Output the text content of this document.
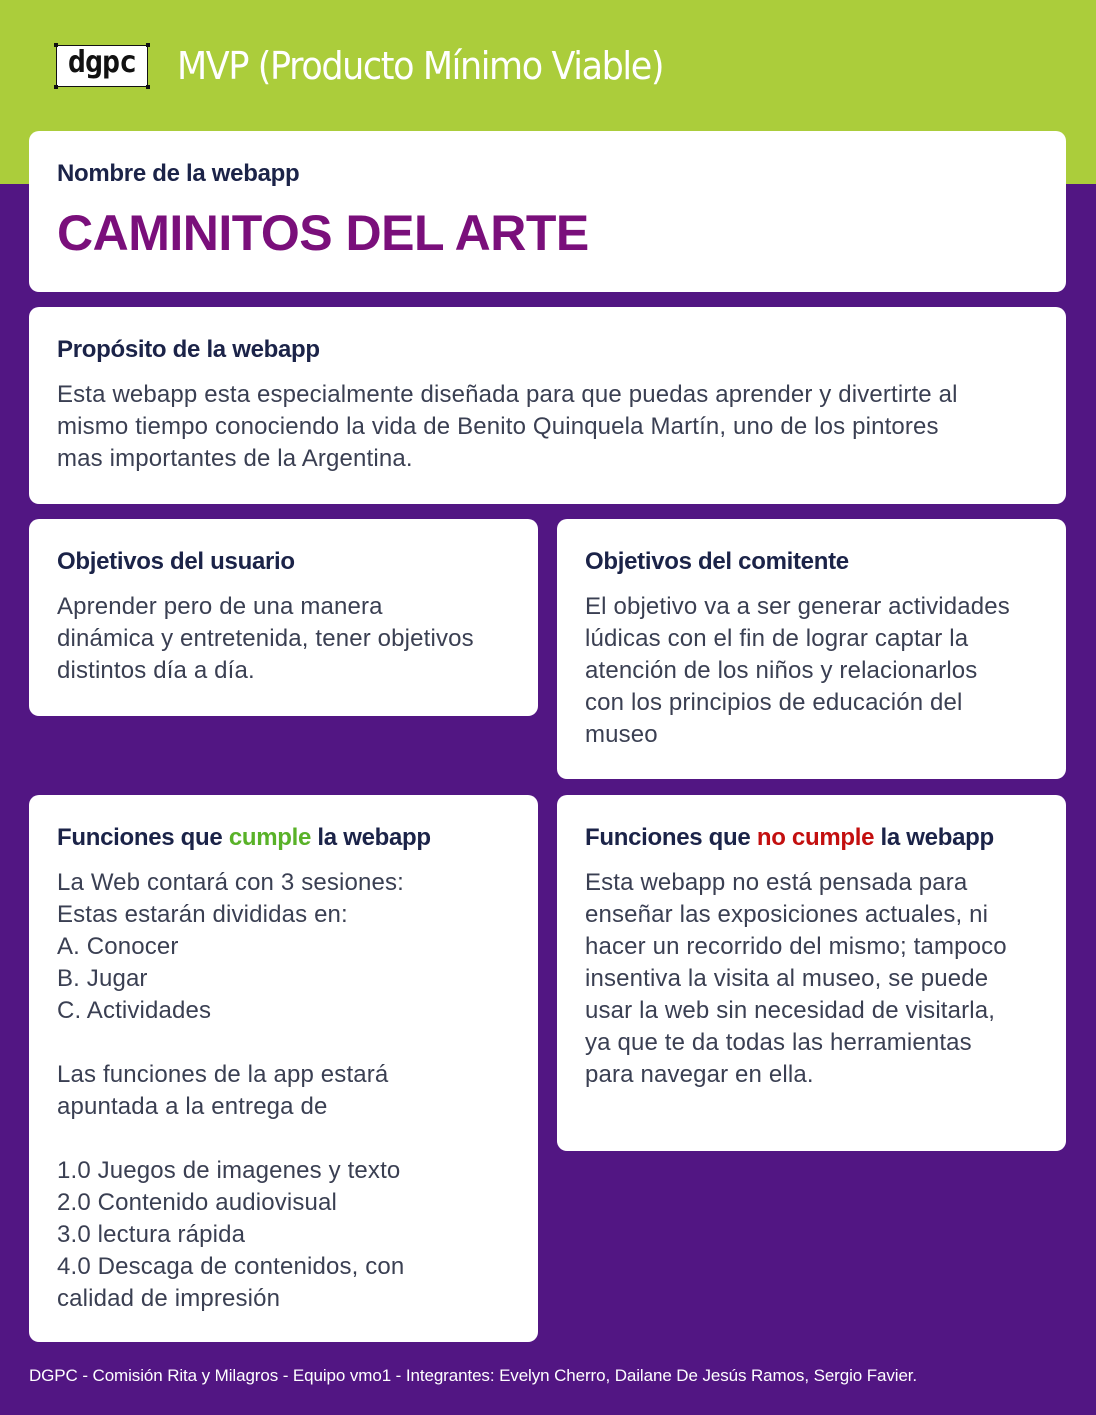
dgpc MVP (Producto Mínimo Viable)
Nombre de la webapp
CAMINITOS DEL ARTE
Propósito de la webapp

Esta webapp esta especialmente diseñada para que puedas aprender y divertirte al

mismo tiempo conociendo la vida de Benito Quinquela Martín, uno de los pintores

mas importantes de la Argentina.

Objetivos del usuario

Aprender pero de una manera

dinámica y entretenida, tener objetivos

distintos día a día.

Objetivos del comitente

El objetivo va a ser generar actividades

lúdicas con el fin de lograr captar la

atención de los niños y relacionarlos

con los principios de educación del

museo

Funciones que cumple la webapp

La Web contará con 3 sesiones:

Estas estarán divididas en:

A. Conocer

B. Jugar

C. Actividades

Las funciones de la app estará

apuntada a la entrega de

1.0 Juegos de imagenes y texto

2.0 Contenido audiovisual

3.0 lectura rápida

4.0 Descaga de contenidos, con

calidad de impresión

Funciones que no cumple la webapp

Esta webapp no está pensada para

enseñar las exposiciones actuales, ni

hacer un recorrido del mismo; tampoco

insentiva la visita al museo, se puede

usar la web sin necesidad de visitarla,

ya que te da todas las herramientas

para navegar en ella.

DGPC - Comisión Rita y Milagros - Equipo vmo1 - Integrantes: Evelyn Cherro, Dailane De Jesús Ramos, Sergio Favier.
